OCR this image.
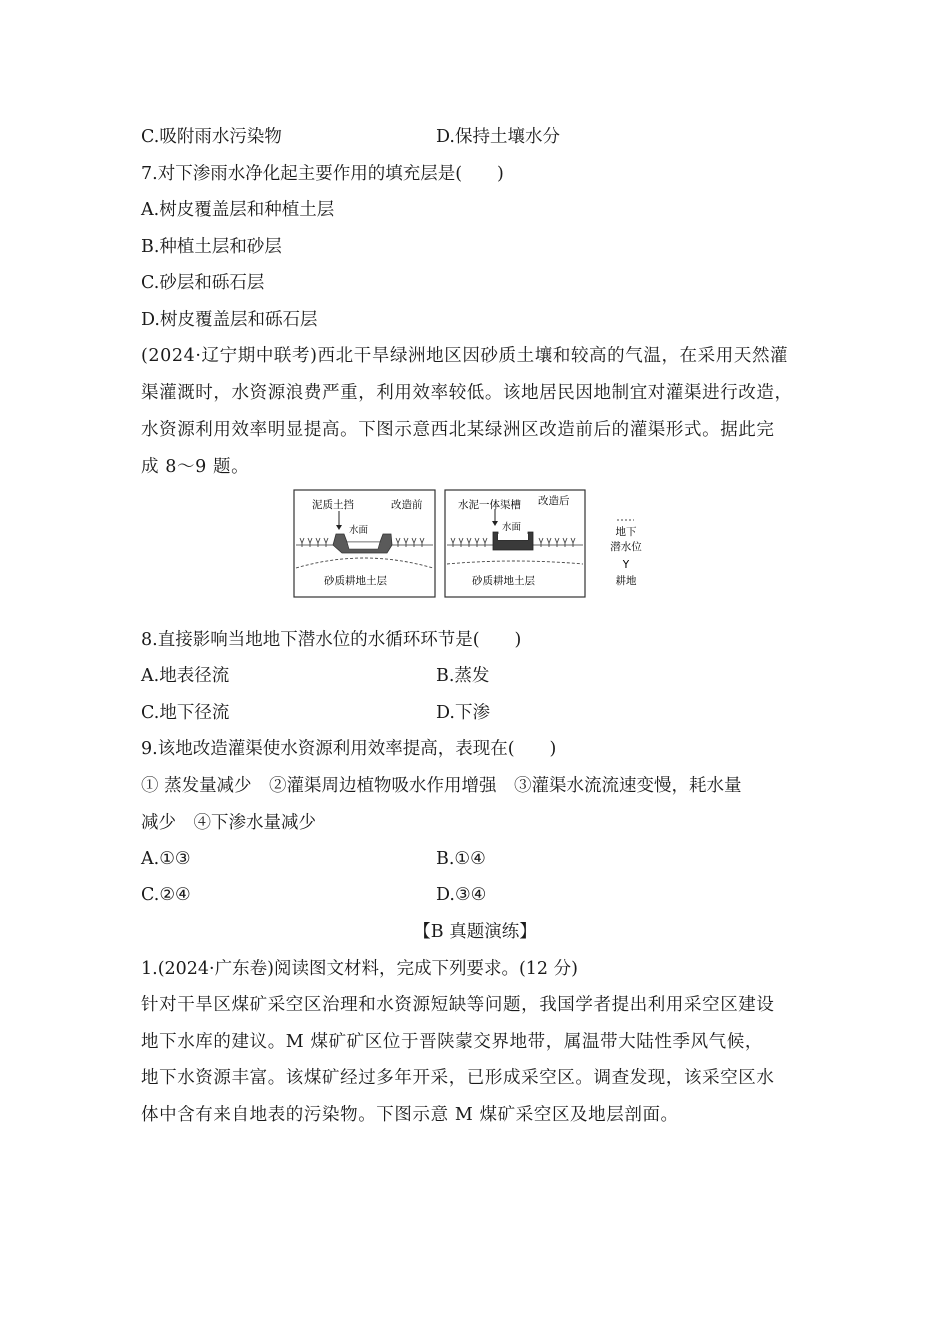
C.吸附雨水污染物	D.保持土壤水分
7.对下渗雨水净化起主要作用的填充层是(　　)
A.树皮覆盖层和种植土层
B.种植土层和砂层
C.砂层和砾石层
D.树皮覆盖层和砾石层
(2024·辽宁期中联考)西北干旱绿洲地区因砂质土壤和较高的气温，在采用天然灌
渠灌溉时，水资源浪费严重，利用效率较低。该地居民因地制宜对灌渠进行改造，
水资源利用效率明显提高。下图示意西北某绿洲区改造前后的灌渠形式。据此完
成 8～9 题。
泥质土挡	改造前
水面
砂质耕地土层
水泥一体渠槽 改造后
水面
砂质耕地土层
地下
潜水位
Y
耕地
8.直接影响当地地下潜水位的水循环环节是(　　)
A.地表径流	B.蒸发
C.地下径流	D.下渗
9.该地改造灌渠使水资源利用效率提高，表现在(　　)
① 蒸发量减少　②灌渠周边植物吸水作用增强　③灌渠水流流速变慢，耗水量
减少　④下渗水量减少
A.①③	B.①④
C.②④	D.③④
【B 真题演练】
1.(2024·广东卷)阅读图文材料，完成下列要求。(12 分)
针对干旱区煤矿采空区治理和水资源短缺等问题，我国学者提出利用采空区建设
地下水库的建议。M 煤矿矿区位于晋陕蒙交界地带，属温带大陆性季风气候，
地下水资源丰富。该煤矿经过多年开采，已形成采空区。调查发现，该采空区水
体中含有来自地表的污染物。下图示意 M 煤矿采空区及地层剖面。
